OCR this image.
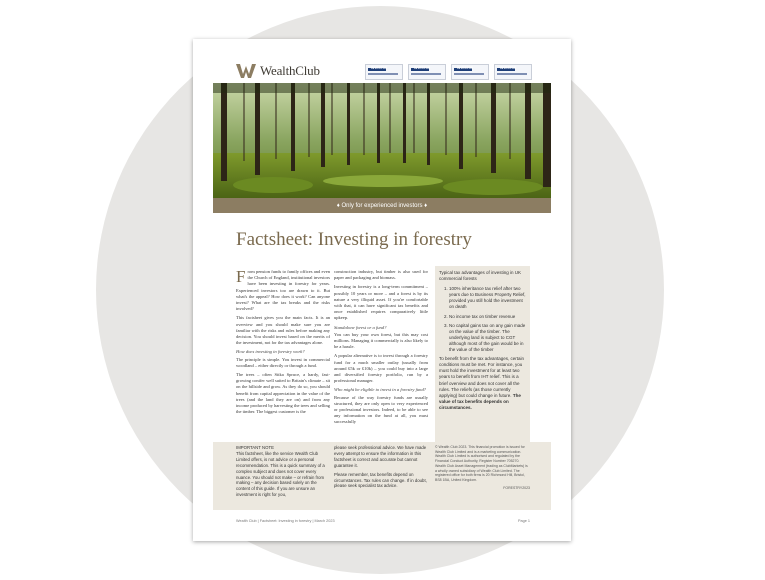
WealthClub	INVESTOR	INVESTOR	INVESTOR	INVESTOR
♦ Only for experienced investors ♦
Factsheet: Investing in forestry

From pension funds to family offices and even the Church of England, institutional investors have been investing in forestry for years. Experienced investors too are drawn to it. But what's the appeal? How does it work? Can anyone invest? What are the tax breaks and the risks involved?

This factsheet gives you the main facts. It is an overview and you should make sure you are familiar with the risks and rules before making any decision. You should invest based on the merits of the investment, not for the tax advantages alone.

How does investing in forestry work?

The principle is simple. You invest in commercial woodland – either directly or through a fund.

The trees – often Sitka Spruce, a hardy, fast-growing conifer well suited to Britain's climate – sit on the hillside and grow. As they do so, you should benefit from capital appreciation in the value of the trees (and the land they are on) and from any income produced by harvesting the trees and selling the timber. The biggest customer is the

construction industry, but timber is also used for paper and packaging and biomass.

Investing in forestry is a long-term commitment – possibly 10 years or more – and a forest is by its nature a very illiquid asset. If you're comfortable with that, it can have significant tax benefits and once established requires comparatively little upkeep.

Standalone forest or a fund?

You can buy your own forest, but this may cost millions. Managing it commercially is also likely to be a hassle.

A popular alternative is to invest through a forestry fund for a much smaller outlay (usually from around £5k or £10k) – you could buy into a large and diversified forestry portfolio, run by a professional manager.

Who might be eligible to invest in a forestry fund?

Because of the way forestry funds are usually structured, they are only open to very experienced or professional investors. Indeed, to be able to see any information on the fund at all, you must successfully

Typical tax advantages of investing in UK commercial forests
1. 100% inheritance tax relief after two years due to Business Property Relief, provided you still hold the investment on death
2. No income tax on timber revenue
3. No capital gains tax on any gain made on the value of the timber. The underlying land is subject to CGT although most of the gain would be in the value of the timber

To benefit from the tax advantages, certain conditions must be met. For instance, you must hold the investment for at least two years to benefit from IHT relief. This is a brief overview and does not cover all the rules. The reliefs (as those currently applying) but could change in future. The value of tax benefits depends on circumstances.

IMPORTANT NOTE

This factsheet, like the service Wealth Club Limited offers, is not advice or a personal recommendation. This is a quick summary of a complex subject and does not cover every nuance. You should not make – or refrain from making – any decision based solely on the content of this guide. If you are unsure an investment is right for you,

please seek professional advice. We have made every attempt to ensure the information in this factsheet is correct and accurate but cannot guarantee it.

Please remember, tax benefits depend on circumstances. Tax rules can change. If in doubt, please seek specialist tax advice.

© Wealth Club 2023. This financial promotion is issued for Wealth Club Limited and is a marketing communication. Wealth Club Limited is authorised and regulated by the Financial Conduct Authority, Register Number 705270. Wealth Club Asset Management (trading as ClubMarkets) is a wholly owned subsidiary of Wealth Club Limited. The registered office for both firms is 20 Richmond Hill, Bristol, BS8 1BA, United Kingdom.

FORESTRY2023
Wealth Club | Factsheet: Investing in forestry | March 2023	Page 1
